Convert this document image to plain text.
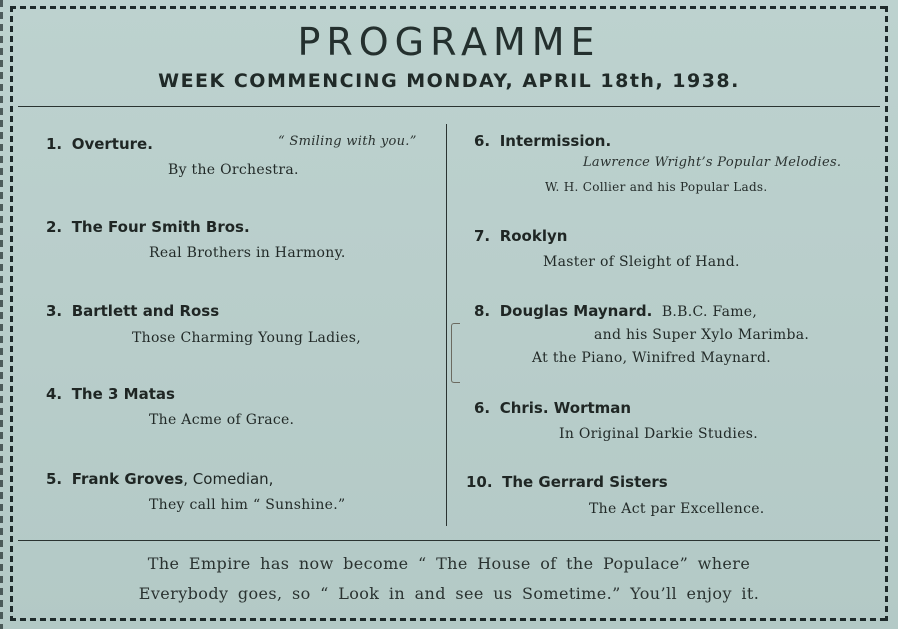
PROGRAMME
WEEK COMMENCING MONDAY, APRIL 18th, 1938.
1. Overture.	“ Smiling with you.”
By the Orchestra.
2. The Four Smith Bros.
Real Brothers in Harmony.
3. Bartlett and Ross
Those Charming Young Ladies,
4. The 3 Matas
The Acme of Grace.
5. Frank Groves, Comedian,
They call him “ Sunshine.”
6. Intermission.
Lawrence Wright’s Popular Melodies.
W. H. Collier and his Popular Lads.
7. Rooklyn
Master of Sleight of Hand.
8. Douglas Maynard. B.B.C. Fame,
and his Super Xylo Marimba.
At the Piano, Winifred Maynard.
6. Chris. Wortman
In Original Darkie Studies.
10. The Gerrard Sisters
The Act par Excellence.
The Empire has now become “ The House of the Populace” where
Everybody goes, so “ Look in and see us Sometime.” You’ll enjoy it.
